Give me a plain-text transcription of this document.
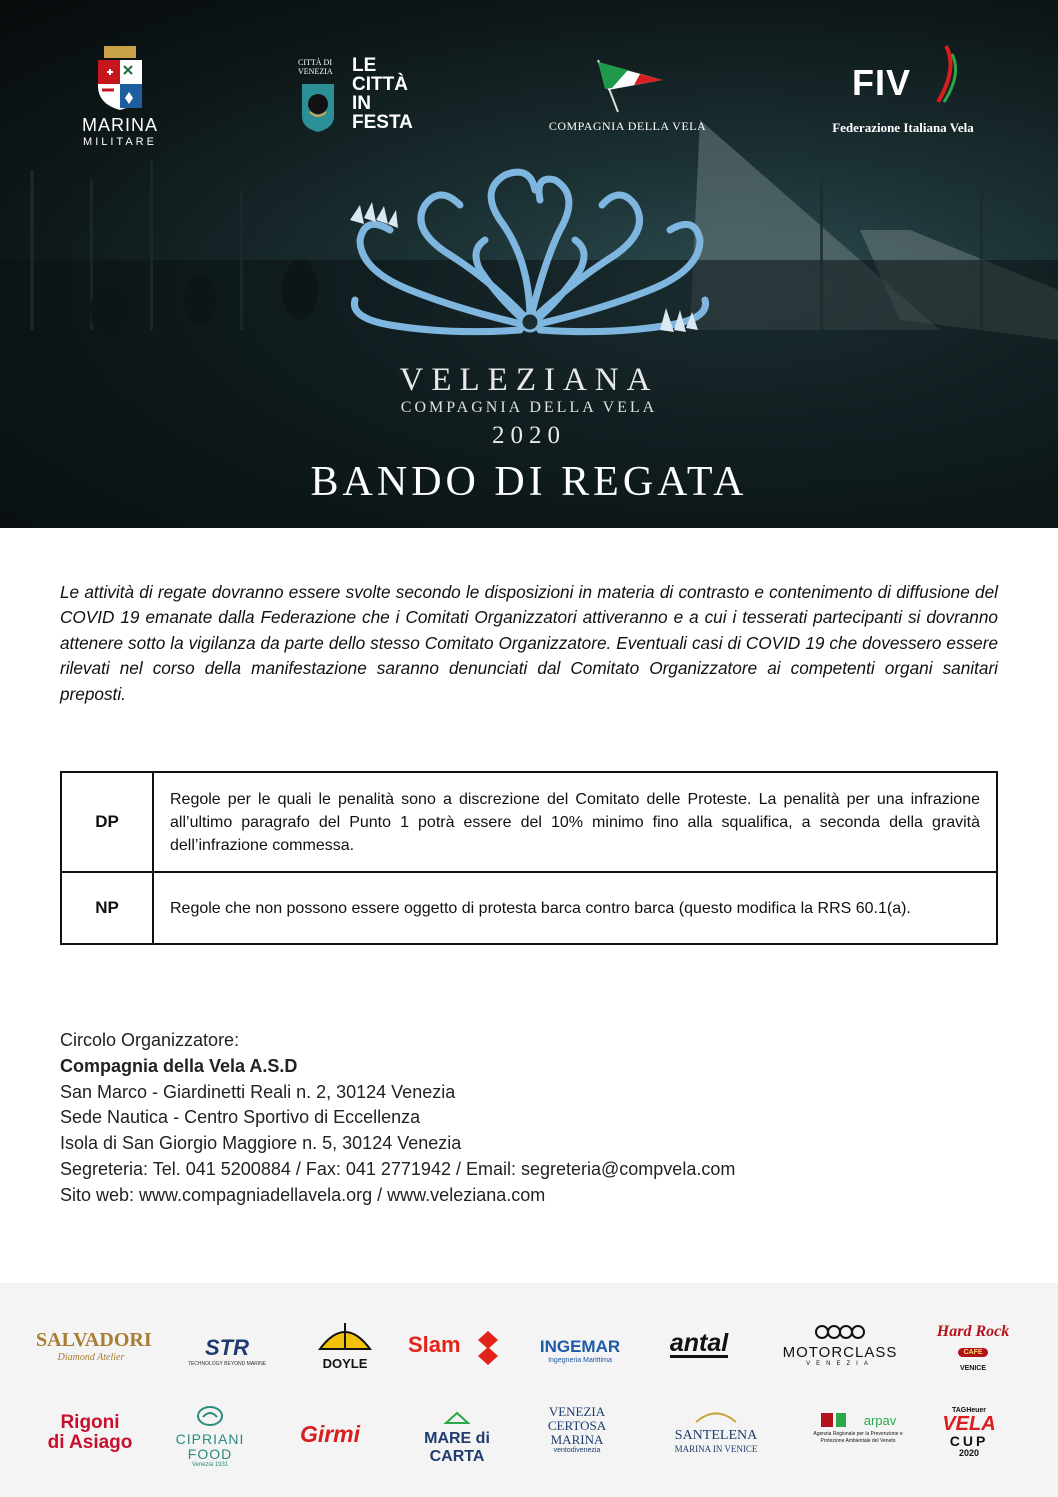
MARINA
MILITARE
CITTÀ DI
VENEZIA LE
CITTÀ
IN
FESTA	COMPAGNIA DELLA VELA
FIV
Federazione Italiana Vela
VELEZIANA
COMPAGNIA DELLA VELA
2020
BANDO DI REGATA

Le attività di regate dovranno essere svolte secondo le disposizioni in materia di contrasto e contenimento di diffusione del COVID 19 emanate dalla Federazione che i Comitati Organizzatori attiveranno e a cui i tesserati partecipanti si dovranno attenere sotto la vigilanza da parte dello stesso Comitato Organizzatore. Eventuali casi di COVID 19 che dovessero essere rilevati nel corso della manifestazione saranno denunciati dal Comitato Organizzatore ai competenti organi sanitari preposti.

DP	Regole per le quali le penalità sono a discrezione del Comitato delle Proteste. La penalità per una infrazione all’ultimo paragrafo del Punto 1 potrà essere del 10% minimo fino alla squalifica, a seconda della gravità dell’infrazione commessa.
NP	Regole che non possono essere oggetto di protesta barca contro barca (questo modifica la RRS 60.1(a).
Circolo Organizzatore:
Compagnia della Vela A.S.D
San Marco - Giardinetti Reali n. 2, 30124 Venezia
Sede Nautica - Centro Sportivo di Eccellenza
Isola di San Giorgio Maggiore n. 5, 30124 Venezia
Segreteria: Tel. 041 5200884 / Fax: 041 2771942 / Email: segreteria@compvela.com
Sito web: www.compagniadellavela.org / www.veleziana.com
SALVADORI
Diamond Atelier	STR
TECHNOLOGY BEYOND MARINE	DOYLE
Slam	INGEMAR
Ingegneria Marittima
antal	MOTORCLASS
VENEZIA
Hard Rock
CAFE
VENICE
Rigoni
di Asiago	CIPRIANI
FOOD
Venezia 1931
Girmi	MARE di CARTA
VENEZIA
CERTOSA
MARINA
ventodivenezia
SANTELENA
MARINA IN VENICE
arpav
Agenzia Regionale per la Prevenzione e Protezione Ambientale del Veneto
TAGHeuer
VELA
CUP
2020
